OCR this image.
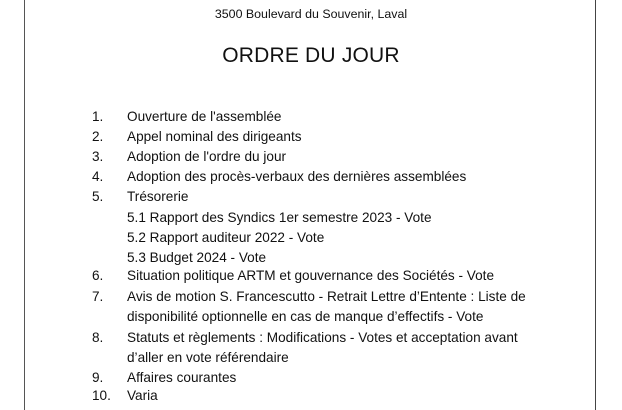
3500 Boulevard du Souvenir, Laval
ORDRE DU JOUR
1. Ouverture de l'assemblée
2. Appel nominal des dirigeants
3. Adoption de l'ordre du jour
4. Adoption des procès-verbaux des dernières assemblées
5. Trésorerie
5.1 Rapport des Syndics 1er semestre 2023 - Vote
5.2 Rapport auditeur 2022 - Vote
5.3 Budget 2024 - Vote
6. Situation politique ARTM et gouvernance des Sociétés - Vote
7. Avis de motion S. Francescutto - Retrait Lettre d’Entente : Liste de
disponibilité optionnelle en cas de manque d’effectifs - Vote
8. Statuts et règlements : Modifications - Votes et acceptation avant
d’aller en vote référendaire
9. Affaires courantes
10. Varia
